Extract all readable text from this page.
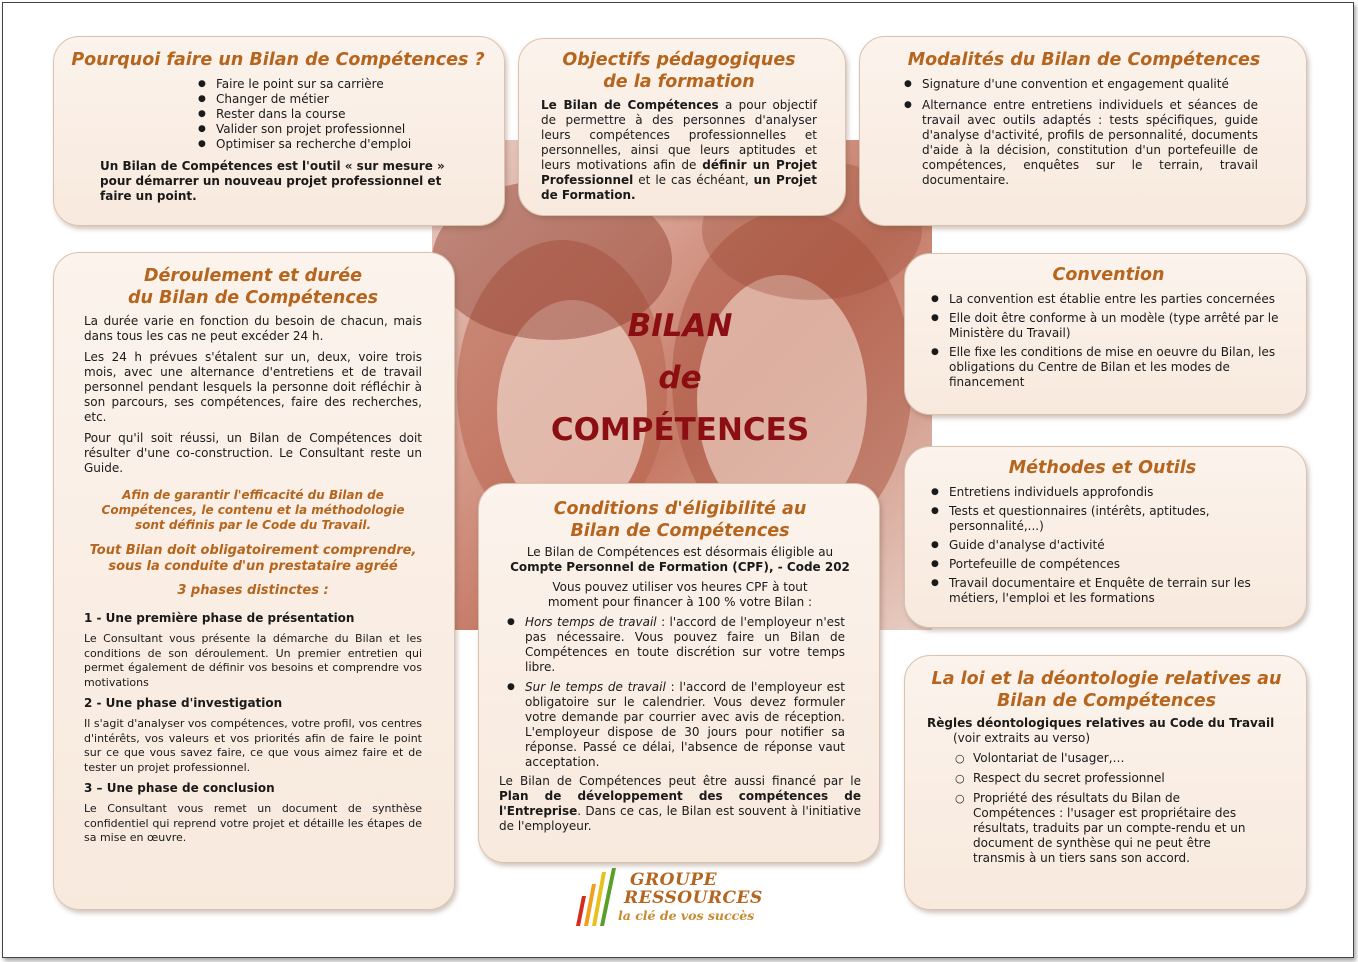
BILAN
de
COMPÉTENCES
Pourquoi faire un Bilan de Compétences ?
● Faire le point sur sa carrière
● Changer de métier
● Rester dans la course
● Valider son projet professionnel
● Optimiser sa recherche d'emploi

Un Bilan de Compétences est l'outil « sur mesure » pour démarrer un nouveau projet professionnel et faire un point.

Objectifs pédagogiques
de la formation

Le Bilan de Compétences a pour objectif de permettre à des personnes d'analyser leurs compétences professionnelles et personnelles, ainsi que leurs aptitudes et leurs motivations afin de définir un Projet Professionnel et le cas échéant, un Projet de Formation.

Modalités du Bilan de Compétences
● Signature d'une convention et engagement qualité
● Alternance entre entretiens individuels et séances de travail avec outils adaptés : tests spécifiques, guide d'analyse d'activité, profils de personnalité, documents d'aide à la décision, constitution d'un portefeuille de compétences, enquêtes sur le terrain, travail documentaire.
Déroulement et durée
du Bilan de Compétences

La durée varie en fonction du besoin de chacun, mais dans tous les cas ne peut excéder 24 h.

Les 24 h prévues s'étalent sur un, deux, voire trois mois, avec une alternance d'entretiens et de travail personnel pendant lesquels la personne doit réfléchir à son parcours, ses compétences, faire des recherches, etc.

Pour qu'il soit réussi, un Bilan de Compétences doit résulter d'une co-construction. Le Consultant reste un Guide.

Afin de garantir l'efficacité du Bilan de Compétences, le contenu et la méthodologie sont définis par le Code du Travail.

Tout Bilan doit obligatoirement comprendre, sous la conduite d'un prestataire agréé

3 phases distinctes :

1 - Une première phase de présentation

Le Consultant vous présente la démarche du Bilan et les conditions de son déroulement. Un premier entretien qui permet également de définir vos besoins et comprendre vos motivations

2 - Une phase d'investigation

Il s'agit d'analyser vos compétences, votre profil, vos centres d'intérêts, vos valeurs et vos priorités afin de faire le point sur ce que vous savez faire, ce que vous aimez faire et de tester un projet professionnel.

3 – Une phase de conclusion

Le Consultant vous remet un document de synthèse confidentiel qui reprend votre projet et détaille les étapes de sa mise en œuvre.

Convention
● La convention est établie entre les parties concernées
● Elle doit être conforme à un modèle (type arrêté par le Ministère du Travail)
● Elle fixe les conditions de mise en oeuvre du Bilan, les obligations du Centre de Bilan et les modes de financement
Méthodes et Outils
● Entretiens individuels approfondis
● Tests et questionnaires (intérêts, aptitudes, personnalité,...)
● Guide d'analyse d'activité
● Portefeuille de compétences
● Travail documentaire et Enquête de terrain sur les métiers, l'emploi et les formations
Conditions d'éligibilité au
Bilan de Compétences

Le Bilan de Compétences est désormais éligible au

Compte Personnel de Formation (CPF), - Code 202

Vous pouvez utiliser vos heures CPF à tout moment pour financer à 100 % votre Bilan :

● Hors temps de travail : l'accord de l'employeur n'est pas nécessaire. Vous pouvez faire un Bilan de Compétences en toute discrétion sur votre temps libre.
● Sur le temps de travail : l'accord de l'employeur est obligatoire sur le calendrier. Vous devez formuler votre demande par courrier avec avis de réception. L'employeur dispose de 30 jours pour notifier sa réponse. Passé ce délai, l'absence de réponse vaut acceptation.

Le Bilan de Compétences peut être aussi financé par le Plan de développement des compétences de l'Entreprise. Dans ce cas, le Bilan est souvent à l'initiative de l'employeur.

La loi et la déontologie relatives au
Bilan de Compétences

Règles déontologiques relatives au Code du Travail

(voir extraits au verso)

○ Volontariat de l'usager,…
○ Respect du secret professionnel
○ Propriété des résultats du Bilan de Compétences : l'usager est propriétaire des résultats, traduits par un compte-rendu et un document de synthèse qui ne peut être transmis à un tiers sans son accord.
GROUPE
RESSOURCES
la clé de vos succès
